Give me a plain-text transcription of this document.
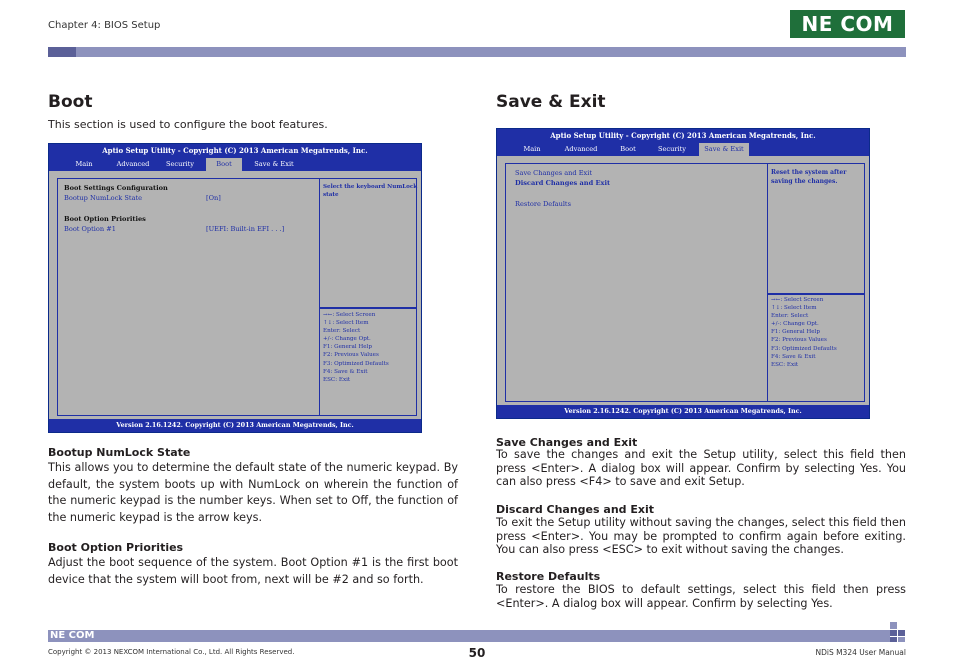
Chapter 4: BIOS Setup	NE COM
Boot
This section is used to configure the boot features.
Aptio Setup Utility - Copyright (C) 2013 American Megatrends, Inc.
Main	Advanced	Security	Boot	Save & Exit
Boot Settings Configuration
Bootup NumLock State	[On]
Boot Option Priorities
Boot Option #1	[UEFI: Built-in EFI . . .]
Select the keyboard NumLock
state
→←: Select Screen
↑↓: Select Item
Enter: Select
+/-: Change Opt.
F1: General Help
F2: Previous Values
F3: Optimized Defaults
F4: Save & Exit
ESC: Exit
Version 2.16.1242. Copyright (C) 2013 American Megatrends, Inc.
Bootup NumLock State
This allows you to determine the default state of the numeric keypad. By default, the system boots up with NumLock on wherein the function of the numeric keypad is the number keys. When set to Off, the function of the numeric keypad is the arrow keys.
Boot Option Priorities
Adjust the boot sequence of the system. Boot Option #1 is the first boot device that the system will boot from, next will be #2 and so forth.
Save & Exit
Aptio Setup Utility - Copyright (C) 2013 American Megatrends, Inc.
Main	Advanced	Boot	Security	Save & Exit
Save Changes and Exit
Discard Changes and Exit
Restore Defaults
Reset the system after
saving the changes.
→←: Select Screen
↑↓: Select Item
Enter: Select
+/-: Change Opt.
F1: General Help
F2: Previous Values
F3: Optimized Defaults
F4: Save & Exit
ESC: Exit
Version 2.16.1242. Copyright (C) 2013 American Megatrends, Inc.
Save Changes and Exit
To save the changes and exit the Setup utility, select this field then press <Enter>. A dialog box will appear. Confirm by selecting Yes. You can also press <F4> to save and exit Setup.
Discard Changes and Exit
To exit the Setup utility without saving the changes, select this field then press <Enter>. You may be prompted to confirm again before exiting. You can also press <ESC> to exit without saving the changes.
Restore Defaults
To restore the BIOS to default settings, select this field then press <Enter>. A dialog box will appear. Confirm by selecting Yes.
NE COM
Copyright © 2013 NEXCOM International Co., Ltd. All Rights Reserved.	50	NDiS M324 User Manual
